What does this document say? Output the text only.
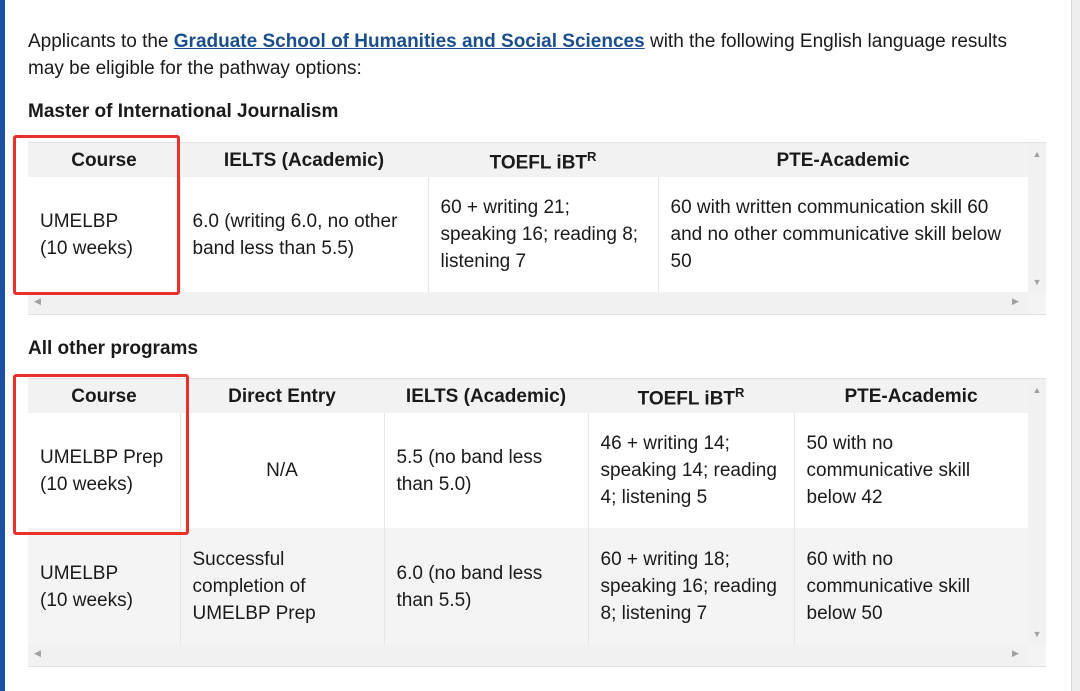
Applicants to the Graduate School of Humanities and Social Sciences with the following English language results may be eligible for the pathway options:

Master of International Journalism
Course	IELTS (Academic)	TOEFL iBT$^R$	PTE-Academic
UMELBP
(10 weeks)	6.0 (writing 6.0, no other band less than 5.5)	60 + writing 21; speaking 16; reading 8; listening 7	60 with written communication skill 60 and no other communicative skill below 50
▲
▼
◀	▶
All other programs
Course	Direct Entry	IELTS (Academic)	TOEFL iBT$^R$	PTE-Academic
UMELBP Prep
(10 weeks)	N/A	5.5 (no band less than 5.0)	46 + writing 14; speaking 14; reading 4; listening 5	50 with no communicative skill below 42
UMELBP
(10 weeks)	Successful completion of UMELBP Prep	6.0 (no band less than 5.5)	60 + writing 18; speaking 16; reading 8; listening 7	60 with no communicative skill below 50
▲
▼
◀	▶
